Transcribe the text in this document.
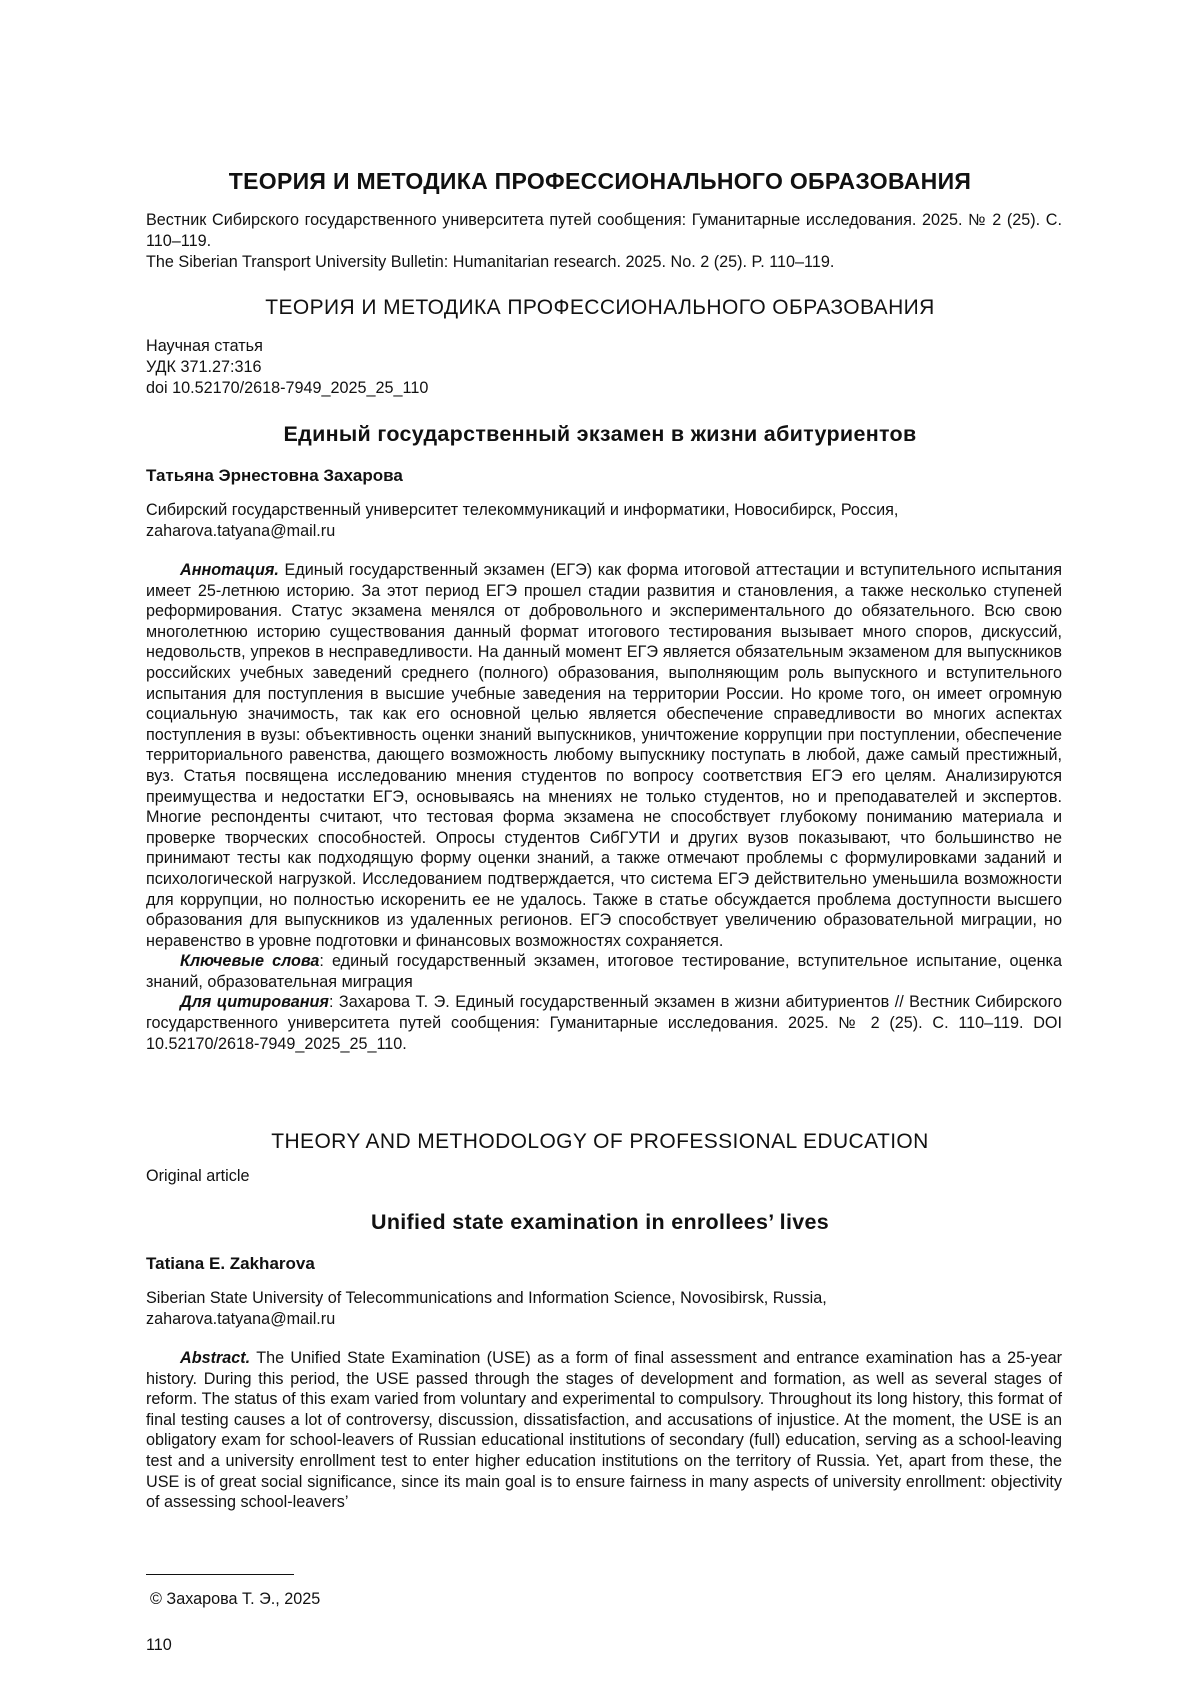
ТЕОРИЯ И МЕТОДИКА ПРОФЕССИОНАЛЬНОГО ОБРАЗОВАНИЯ

Вестник Сибирского государственного университета путей сообщения: Гуманитарные исследования. 2025. № 2 (25). С. 110–119.

The Siberian Transport University Bulletin: Humanitarian research. 2025. No. 2 (25). P. 110–119.

ТЕОРИЯ И МЕТОДИКА ПРОФЕССИОНАЛЬНОГО ОБРАЗОВАНИЯ

Научная статья

УДК 371.27:316

doi 10.52170/2618-7949_2025_25_110

Единый государственный экзамен в жизни абитуриентов
Татьяна Эрнестовна Захарова

Сибирский государственный университет телекоммуникаций и информатики, Новосибирск, Россия,

zaharova.tatyana@mail.ru

Аннотация. Единый государственный экзамен (ЕГЭ) как форма итоговой аттестации и вступительного испытания имеет 25-летнюю историю. За этот период ЕГЭ прошел стадии развития и становления, а также несколько ступеней реформирования. Статус экзамена менялся от добровольного и экспериментального до обязательного. Всю свою многолетнюю историю существования данный формат итогового тестирования вызывает много споров, дискуссий, недовольств, упреков в несправедливости. На данный момент ЕГЭ является обязательным экзаменом для выпускников российских учебных заведений среднего (полного) образования, выполняющим роль выпускного и вступительного испытания для поступления в высшие учебные заведения на территории России. Но кроме того, он имеет огромную социальную значимость, так как его основной целью является обеспечение справедливости во многих аспектах поступления в вузы: объективность оценки знаний выпускников, уничтожение коррупции при поступлении, обеспечение территориального равенства, дающего возможность любому выпускнику поступать в любой, даже самый престижный, вуз. Статья посвящена исследованию мнения студентов по вопросу соответствия ЕГЭ его целям. Анализируются преимущества и недостатки ЕГЭ, основываясь на мнениях не только студентов, но и преподавателей и экспертов. Многие респонденты считают, что тестовая форма экзамена не способствует глубокому пониманию материала и проверке творческих способностей. Опросы студентов СибГУТИ и других вузов показывают, что большинство не принимают тесты как подходящую форму оценки знаний, а также отмечают проблемы с формулировками заданий и психологической нагрузкой. Исследованием подтверждается, что система ЕГЭ действительно уменьшила возможности для коррупции, но полностью искоренить ее не удалось. Также в статье обсуждается проблема доступности высшего образования для выпускников из удаленных регионов. ЕГЭ способствует увеличению образовательной миграции, но неравенство в уровне подготовки и финансовых возможностях сохраняется.

Ключевые слова: единый государственный экзамен, итоговое тестирование, вступительное испытание, оценка знаний, образовательная миграция

Для цитирования: Захарова Т. Э. Единый государственный экзамен в жизни абитуриентов // Вестник Сибирского государственного университета путей сообщения: Гуманитарные исследования. 2025. № 2 (25). С. 110–119. DOI 10.52170/2618-7949_2025_25_110.

THEORY AND METHODOLOGY OF PROFESSIONAL EDUCATION
Original article
Unified state examination in enrollees’ lives
Tatiana E. Zakharova

Siberian State University of Telecommunications and Information Science, Novosibirsk, Russia,

zaharova.tatyana@mail.ru

Abstract. The Unified State Examination (USE) as a form of final assessment and entrance examination has a 25-year history. During this period, the USE passed through the stages of development and formation, as well as several stages of reform. The status of this exam varied from voluntary and experimental to compulsory. Throughout its long history, this format of final testing causes a lot of controversy, discussion, dissatisfaction, and accusations of injustice. At the moment, the USE is an obligatory exam for school-leavers of Russian educational institutions of secondary (full) education, serving as a school-leaving test and a university enrollment test to enter higher education institutions on the territory of Russia. Yet, apart from these, the USE is of great social significance, since its main goal is to ensure fairness in many aspects of university enrollment: objectivity of assessing school-leavers’

© Захарова Т. Э., 2025
110
